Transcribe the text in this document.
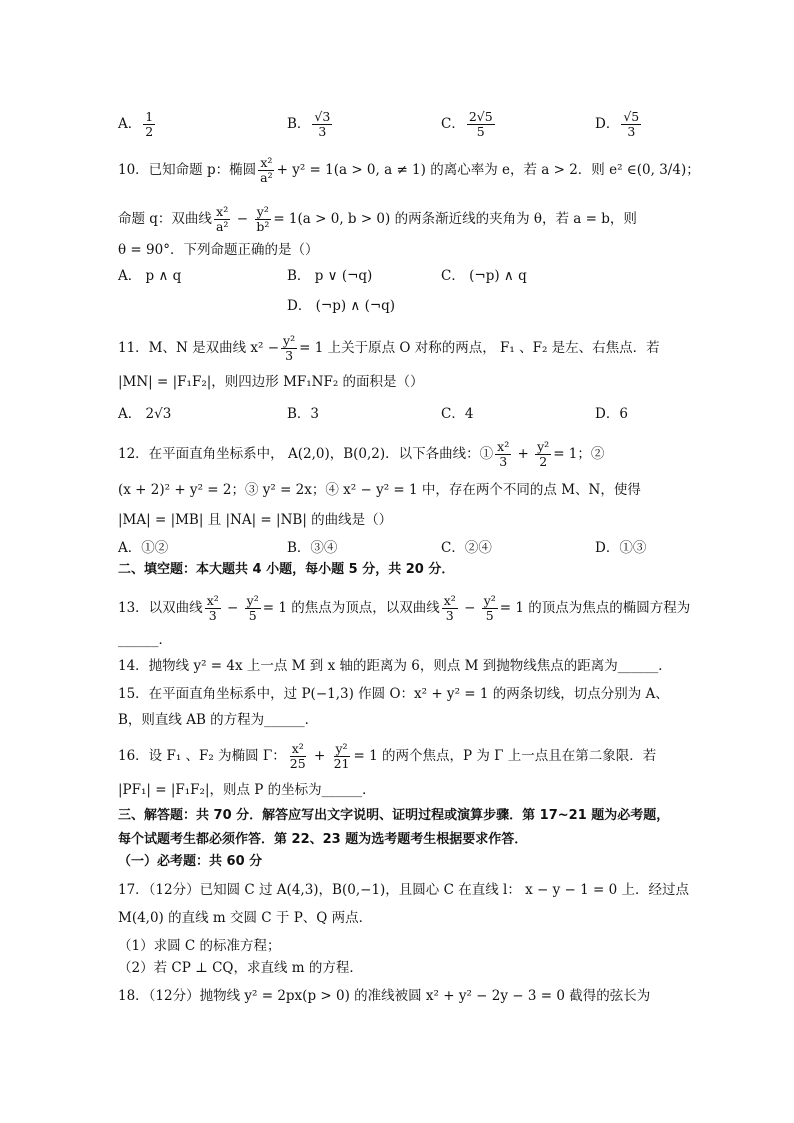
A． $\frac{1}{2}$	B． $\frac{√3}{3}$	C． $\frac{2√5}{5}$	D． $\frac{√5}{3}$
10．已知命题 p：椭圆 $\frac{\text{x²}}{\text{a²}} + y^2 = 1(a > 0$, a ≠ 1) 的离心率为 e，若 a > 2．则 e² ∈(0, 3/4)；
命题 q：双曲线 $\frac{\text{x²}}{\text{a²}} - \frac{\text{y²}}{\text{b²}} = 1(a > 0$, b > 0) 的两条渐近线的夹角为 θ，若 a = b，则
θ = 90°．下列命题正确的是（）
A． p ∧ q	B． p ∨ (¬q)	C． (¬p) ∧ q
D． (¬p) ∧ (¬q)
11．M、N 是双曲线 $x^2 - \frac{\text{y²}}{3} = 1$ 上关于原点 O 对称的两点， F₁ 、F₂ 是左、右焦点．若
|MN| = |F₁F₂|，则四边形 MF₁NF₂ 的面积是（）
A． 2√3	B．3	C．4	D．6
12．在平面直角坐标系中， A(2,0)，B(0,2)．以下各曲线：① $\frac{\text{x²}}{3} + \frac{\text{y²}}{2} = 1$；②
(x + 2)² + y² = 2；③ y² = 2x；④ x² − y² = 1 中，存在两个不同的点 M、N，使得
|MA| = |MB| 且 |NA| = |NB| 的曲线是（）
A．①②	B．③④	C．②④	D．①③
二、填空题：本大题共 4 小题，每小题 5 分，共 20 分．
13．以双曲线 $\frac{\text{x²}}{3} - \frac{\text{y²}}{5} = 1$ 的焦点为顶点，以双曲线 $\frac{\text{x²}}{3} - \frac{\text{y²}}{5} = 1$ 的顶点为焦点的椭圆方程为
______．
14．抛物线 y² = 4x 上一点 M 到 x 轴的距离为 6，则点 M 到抛物线焦点的距离为______．
15．在平面直角坐标系中，过 P(−1,3) 作圆 O：x² + y² = 1 的两条切线，切点分别为 A、
B，则直线 AB 的方程为______．
16．设 F₁ 、F₂ 为椭圆 Γ： $\frac{\text{x²}}{25} + \frac{\text{y²}}{21} = 1$ 的两个焦点，P 为 Γ 上一点且在第二象限．若
|PF₁| = |F₁F₂|，则点 P 的坐标为______．
三、解答题：共 70 分．解答应写出文字说明、证明过程或演算步骤．第 17~21 题为必考题，
每个试题考生都必须作答．第 22、23 题为选考题考生根据要求作答．
（一）必考题：共 60 分
17．（12分）已知圆 C 过 A(4,3)，B(0,−1)，且圆心 C 在直线 l： x − y − 1 = 0 上．经过点
M(4,0) 的直线 m 交圆 C 于 P、Q 两点．
（1）求圆 C 的标准方程；
（2）若 CP ⊥ CQ，求直线 m 的方程．
18．（12分）抛物线 y² = 2px(p > 0) 的准线被圆 x² + y² − 2y − 3 = 0 截得的弦长为
